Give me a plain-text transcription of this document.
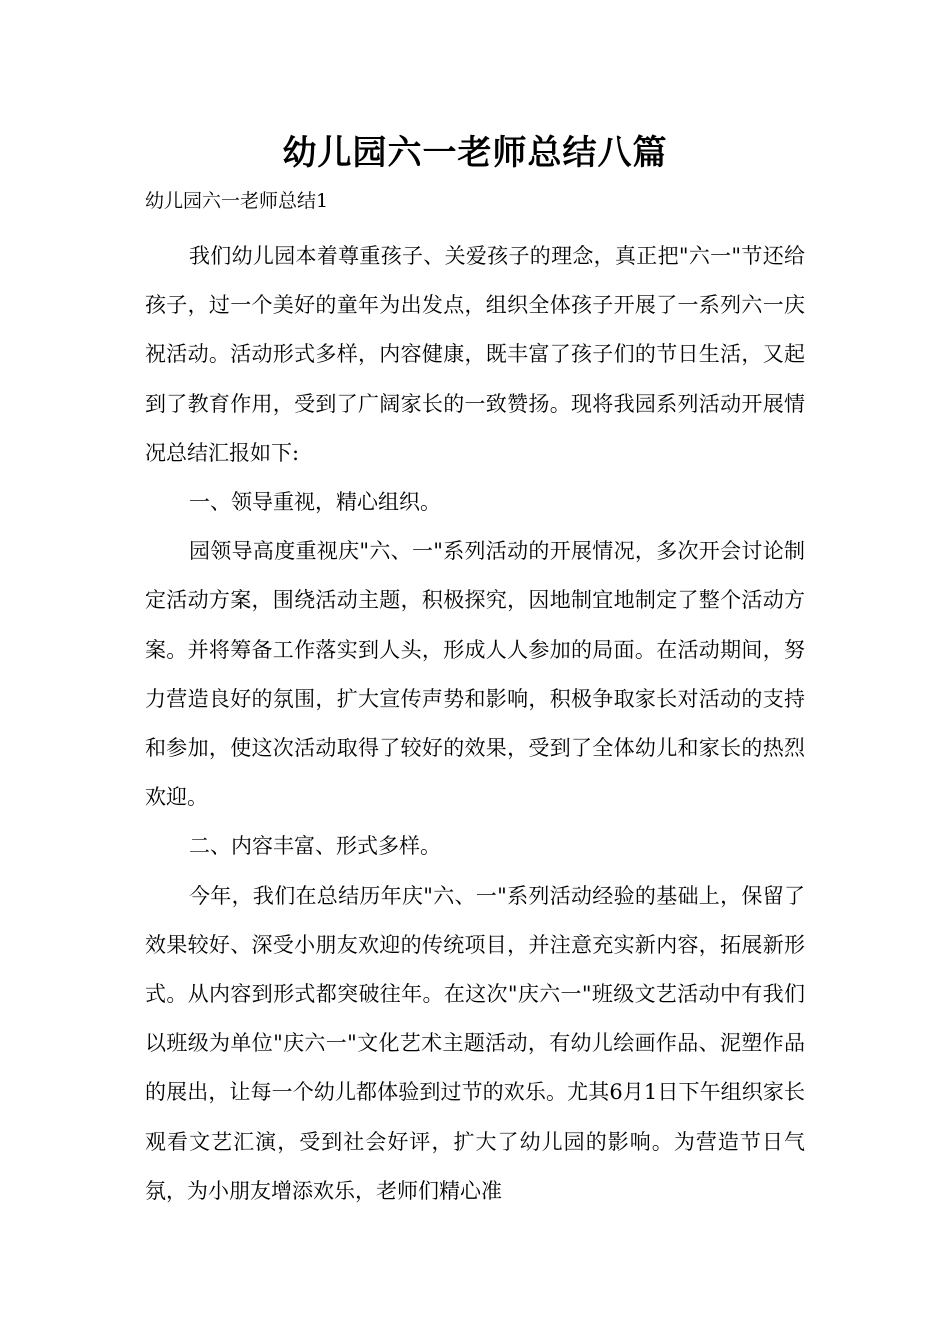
幼儿园六一老师总结八篇

幼儿园六一老师总结1

我们幼儿园本着尊重孩子、关爱孩子的理念，真正把"六一"节还给孩子，过一个美好的童年为出发点，组织全体孩子开展了一系列六一庆祝活动。活动形式多样，内容健康，既丰富了孩子们的节日生活，又起到了教育作用，受到了广阔家长的一致赞扬。现将我园系列活动开展情况总结汇报如下:

一、领导重视，精心组织。

园领导高度重视庆"六、一"系列活动的开展情况，多次开会讨论制定活动方案，围绕活动主题，积极探究，因地制宜地制定了整个活动方案。并将筹备工作落实到人头，形成人人参加的局面。在活动期间，努力营造良好的氛围，扩大宣传声势和影响，积极争取家长对活动的支持和参加，使这次活动取得了较好的效果，受到了全体幼儿和家长的热烈欢迎。

二、内容丰富、形式多样。

今年，我们在总结历年庆"六、一"系列活动经验的基础上，保留了效果较好、深受小朋友欢迎的传统项目，并注意充实新内容，拓展新形式。从内容到形式都突破往年。在这次"庆六一"班级文艺活动中有我们以班级为单位"庆六一"文化艺术主题活动，有幼儿绘画作品、泥塑作品的展出，让每一个幼儿都体验到过节的欢乐。尤其6月1日下午组织家长观看文艺汇演，受到社会好评，扩大了幼儿园的影响。为营造节日气氛，为小朋友增添欢乐，老师们精心准
